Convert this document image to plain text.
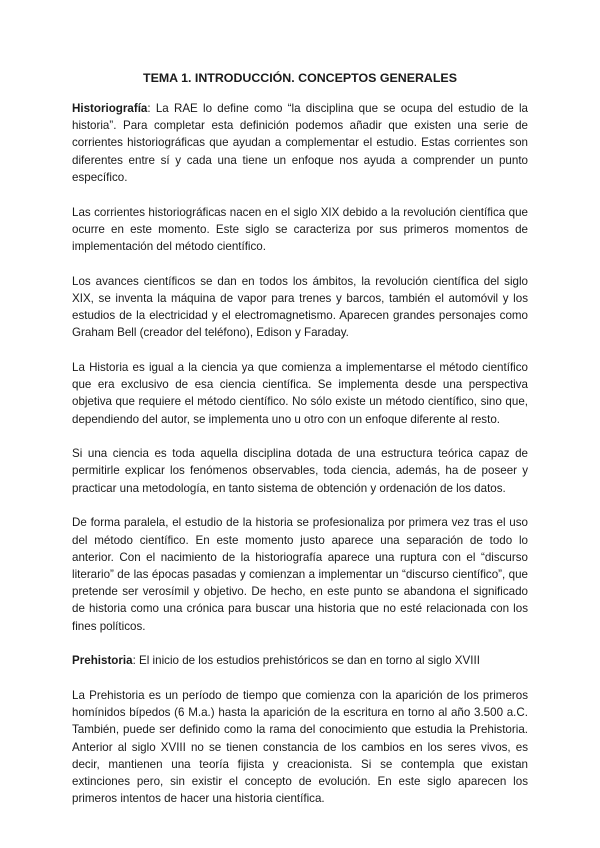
TEMA 1. INTRODUCCIÓN. CONCEPTOS GENERALES

Historiografía: La RAE lo define como “la disciplina que se ocupa del estudio de la historia”. Para completar esta definición podemos añadir que existen una serie de corrientes historiográficas que ayudan a complementar el estudio. Estas corrientes son diferentes entre sí y cada una tiene un enfoque nos ayuda a comprender un punto específico.

Las corrientes historiográficas nacen en el siglo XIX debido a la revolución científica que ocurre en este momento. Este siglo se caracteriza por sus primeros momentos de implementación del método científico.

Los avances científicos se dan en todos los ámbitos, la revolución científica del siglo XIX, se inventa la máquina de vapor para trenes y barcos, también el automóvil y los estudios de la electricidad y el electromagnetismo. Aparecen grandes personajes como Graham Bell (creador del teléfono), Edison y Faraday.

La Historia es igual a la ciencia ya que comienza a implementarse el método científico que era exclusivo de esa ciencia científica. Se implementa desde una perspectiva objetiva que requiere el método científico. No sólo existe un método científico, sino que, dependiendo del autor, se implementa uno u otro con un enfoque diferente al resto.

Si una ciencia es toda aquella disciplina dotada de una estructura teórica capaz de permitirle explicar los fenómenos observables, toda ciencia, además, ha de poseer y practicar una metodología, en tanto sistema de obtención y ordenación de los datos.

De forma paralela, el estudio de la historia se profesionaliza por primera vez tras el uso del método científico. En este momento justo aparece una separación de todo lo anterior. Con el nacimiento de la historiografía aparece una ruptura con el “discurso literario” de las épocas pasadas y comienzan a implementar un “discurso científico”, que pretende ser verosímil y objetivo. De hecho, en este punto se abandona el significado de historia como una crónica para buscar una historia que no esté relacionada con los fines políticos.

Prehistoria: El inicio de los estudios prehistóricos se dan en torno al siglo XVIII

La Prehistoria es un período de tiempo que comienza con la aparición de los primeros homínidos bípedos (6 M.a.) hasta la aparición de la escritura en torno al año 3.500 a.C. También, puede ser definido como la rama del conocimiento que estudia la Prehistoria. Anterior al siglo XVIII no se tienen constancia de los cambios en los seres vivos, es decir, mantienen una teoría fijista y creacionista. Si se contempla que existan extinciones pero, sin existir el concepto de evolución. En este siglo aparecen los primeros intentos de hacer una historia científica.
